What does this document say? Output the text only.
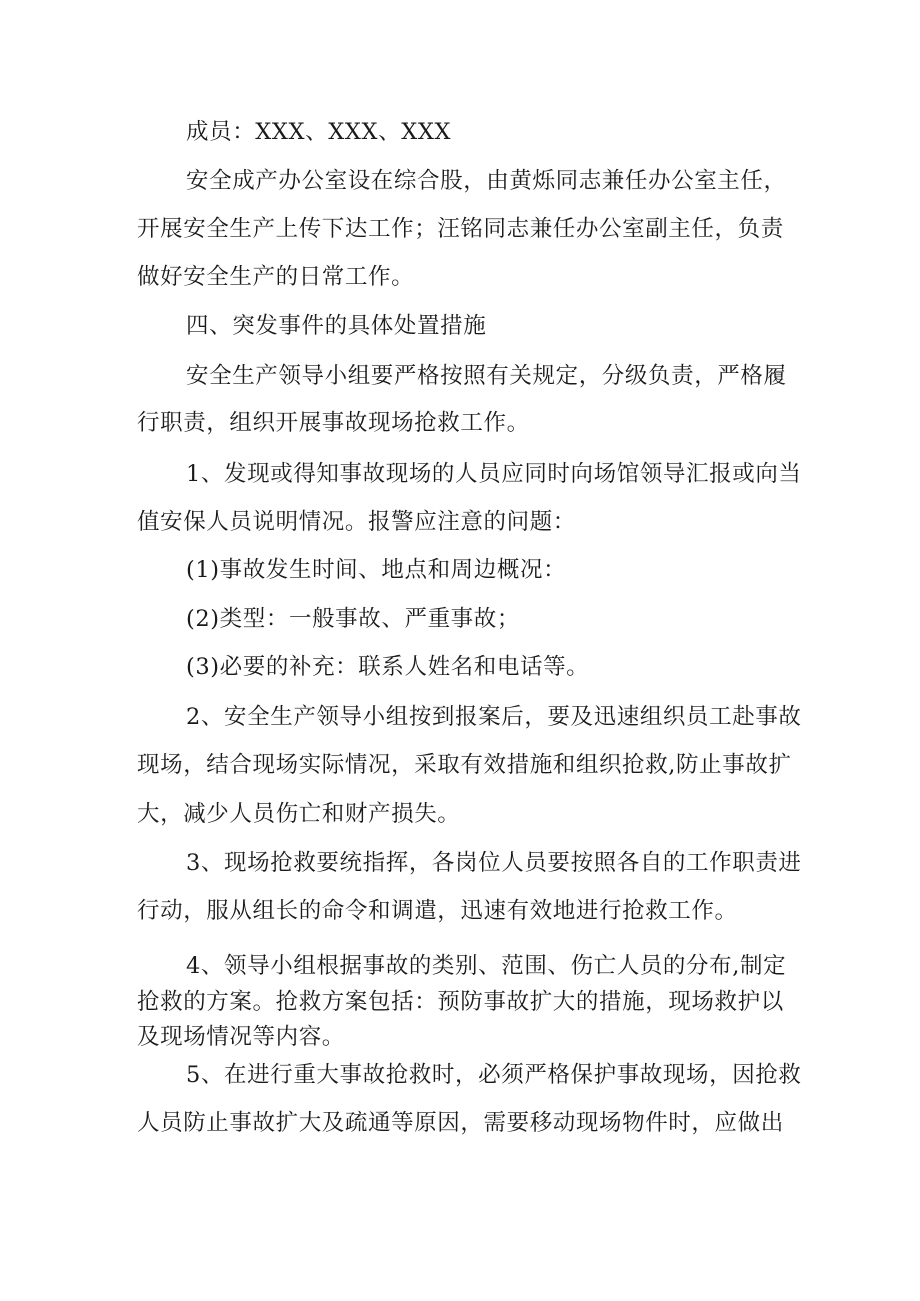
成员：XXX、XXX、XXX
安全成产办公室设在综合股，由黄烁同志兼任办公室主任，
开展安全生产上传下达工作；汪铭同志兼任办公室副主任，负责
做好安全生产的日常工作。
四、突发事件的具体处置措施
安全生产领导小组要严格按照有关规定，分级负责，严格履
行职责，组织开展事故现场抢救工作。
1、发现或得知事故现场的人员应同时向场馆领导汇报或向当
值安保人员说明情况。报警应注意的问题：
(1)事故发生时间、地点和周边概况：
(2)类型：一般事故、严重事故；
(3)必要的补充：联系人姓名和电话等。
2、安全生产领导小组按到报案后，要及迅速组织员工赴事故
现场，结合现场实际情况，采取有效措施和组织抢救,防止事故扩
大，减少人员伤亡和财产损失。
3、现场抢救要统指挥，各岗位人员要按照各自的工作职责进
行动，服从组长的命令和调遣，迅速有效地进行抢救工作。
4、领导小组根据事故的类别、范围、伤亡人员的分布,制定
抢救的方案。抢救方案包括：预防事故扩大的措施，现场救护以
及现场情况等内容。
5、在进行重大事故抢救时，必须严格保护事故现场，因抢救
人员防止事故扩大及疏通等原因，需要移动现场物件时，应做出
